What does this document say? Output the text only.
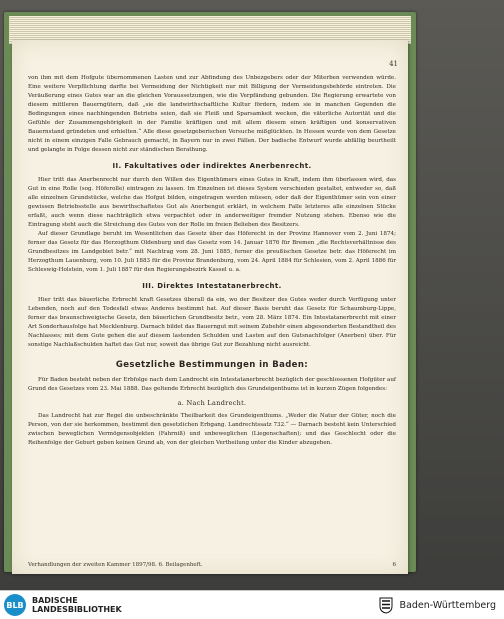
41

von ihm mit dem Hofgute übernommenen Lasten und zur Abfindung des Unbezgebers oder der Miterben verwenden würde. Eine weitere Verpflichtung darfte bei Vermeidung der Nichtigkeit nur mit Billigung der Vermeidungsbehörde eintreten. Die Veräußerung eines Gutes war an die gleichen Voraussetzungen, wie die Verpfändung gebunden. Die Regierung erwartete von diesem mittleren Bauerngütern, daß „sie die landwirthschaftliche Kultur fördern, indem sie in manchen Gegenden die Bedingungen eines nachhingenden Betriebs seien, daß sie Fleiß und Sparsamkeit wecken, die väterliche Autorität und die Gefühle der Zusammengehörigkeit in der Familie kräftigen und mit allem diesem einen kräftigen und konservativen Bauernstand gründeten und erhielten.“ Alle diese gesetzgeberischen Versuche mißglückten. In Hessen wurde von dem Gesetze nicht in einem einzigen Falle Gebrauch gemacht, in Bayern nur in zwei Fällen. Der badische Entwurf wurde abfällig beurtheilt und gelangte in Folge dessen nicht zur ständischen Berathung.

II. Fakultatives oder indirektes Anerbenrecht.

Hier tritt das Anerbenrecht nur durch den Willen des Eigenthümers eines Gutes in Kraft, indem ihm überlassen wird, das Gut in eine Rolle (sog. Höferolle) eintragen zu lassen. Im Einzelnen ist dieses System verschieden gestaltet, entweder so, daß alle einzelnen Grundstücke, welche das Hofgut bilden, eingetragen werden müssen, oder daß der Eigenthümer sein von einer gewissen Betriebsstelle aus bewirthschaftetes Gut als Anerbengut erklärt, in welchem Falle letzteres alle einzelnen Stücke erfaßt, auch wenn diese nachträglich etwa verpachtet oder in anderweitiger fremder Nutzung stehen. Ebenso wie die Eintragung steht auch die Streichung des Gutes von der Rolle im freien Belieben des Besitzers.

Auf dieser Grundlage beruht im Wesentlichen das Gesetz über das Höferecht in der Provinz Hannover vom 2. Juni 1874; ferner das Gesetz für das Herzogthum Oldenburg und das Gesetz vom 14. Januar 1876 für Bremen „die Rechtsverhältnisse des Grundbesitzes im Landgebiet betr.“ mit Nachtrag vom 28. Juni 1885, ferner die preußischen Gesetze betr. das Höferecht im Herzogthum Lauenburg, vom 10. Juli 1883 für die Provinz Brandenburg, vom 24. April 1884 für Schlesien, vom 2. April 1886 für Schleswig-Holstein, vom 1. Juli 1887 für den Regierungsbezirk Kassel u. a.

III. Direktes Intestatanerbrecht.

Hier tritt das bäuerliche Erbrecht kraft Gesetzes überall da ein, wo der Besitzer des Gutes weder durch Verfügung unter Lebenden, noch auf den Todesfall etwas Anderes bestimmt hat. Auf dieser Basis beruht das Gesetz für Schaumburg-Lippe, ferner das braunschweigische Gesetz, den bäuerlichen Grundbesitz betr., vom 28. März 1874. Ein Intestatanerbrecht mit einer Art Sonderhausfolge hat Mecklenburg. Darnach bildet das Bauerngut mit seinem Zubehör einen abgesonderten Bestandtheil des Nachlasses; mit dem Gute gehen die auf diesem lastenden Schulden und Lasten auf den Gutsnachfolger (Anerben) über. Für sonstige Nachlaßschulden haftet das Gut nur, soweit das übrige Gut zur Bezahlung nicht ausreicht.

Gesetzliche Bestimmungen in Baden:

Für Baden besteht neben der Erbfolge nach dem Landrecht ein Intestatanerbrecht bezüglich der geschlossenen Hofgüter auf Grund des Gesetzes vom 23. Mai 1888. Das geltende Erbrecht bezüglich des Grundeigenthums ist in kurzen Zügen folgendes:

a. Nach Landrecht.

Das Landrecht hat zur Regel die unbeschränkte Theilbarkeit des Grundeigenthums. „Weder die Natur der Güter, noch die Person, von der sie herkommen, bestimmt den gesetzlichen Erbgang. Landrechtssatz 732.“ — Darnach besteht kein Unterschied zwischen beweglichen Vermögensobjekten (Fahrniß) und unbeweglichen (Liegenschaften); und das Geschlecht oder die Reihenfolge der Geburt geben keinen Grund ab, von der gleichen Vertheilung unter die Kinder abzugehen.

Verhandlungen der zweiten Kammer 1897/98. 6. Beilagenheft.	6
BLB BADISCHE
LANDESBIBLIOTHEK	Baden-Württemberg
